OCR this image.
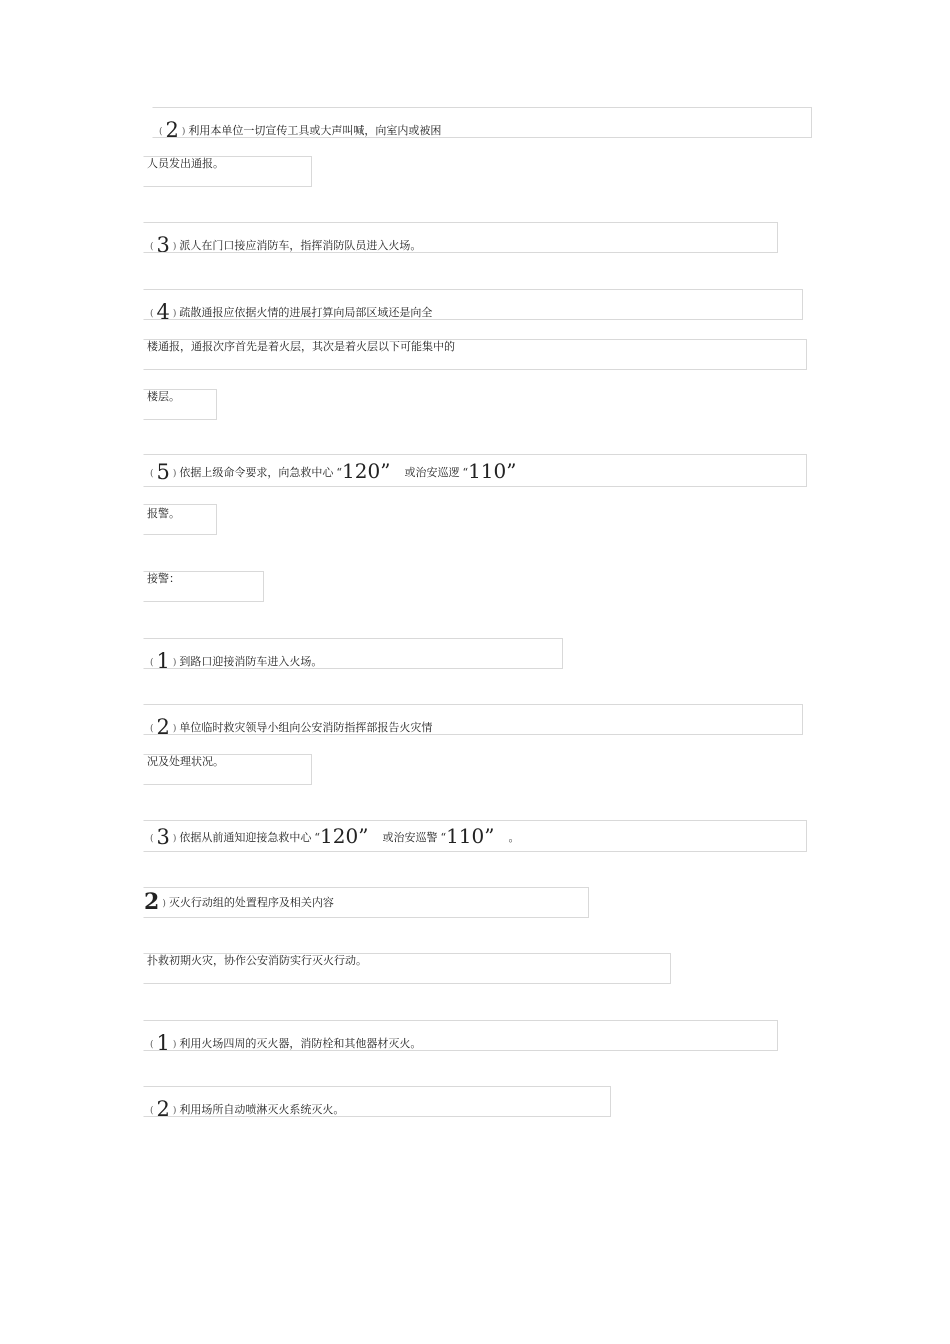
( 2 ) 利用本单位一切宣传工具或大声叫喊，向室内或被困
人员发出通报。
( 3 ) 派人在门口接应消防车，指挥消防队员进入火场。
( 4 ) 疏散通报应依据火情的进展打算向局部区域还是向全
楼通报，通报次序首先是着火层，其次是着火层以下可能集中的
楼层。
( 5 ) 依据上级命令要求，向急救中心 “120” 或治安巡逻 “110”
报警。
接警：
( 1 ) 到路口迎接消防车进入火场。
( 2 ) 单位临时救灾领导小组向公安消防指挥部报告火灾情
况及处理状况。
( 3 ) 依据从前通知迎接急救中心 “120” 或治安巡警 “110” 。
2 ) 灭火行动组的处置程序及相关内容
扑救初期火灾，协作公安消防实行灭火行动。
( 1 ) 利用火场四周的灭火器，消防栓和其他器材灭火。
( 2 ) 利用场所自动喷淋灭火系统灭火。
